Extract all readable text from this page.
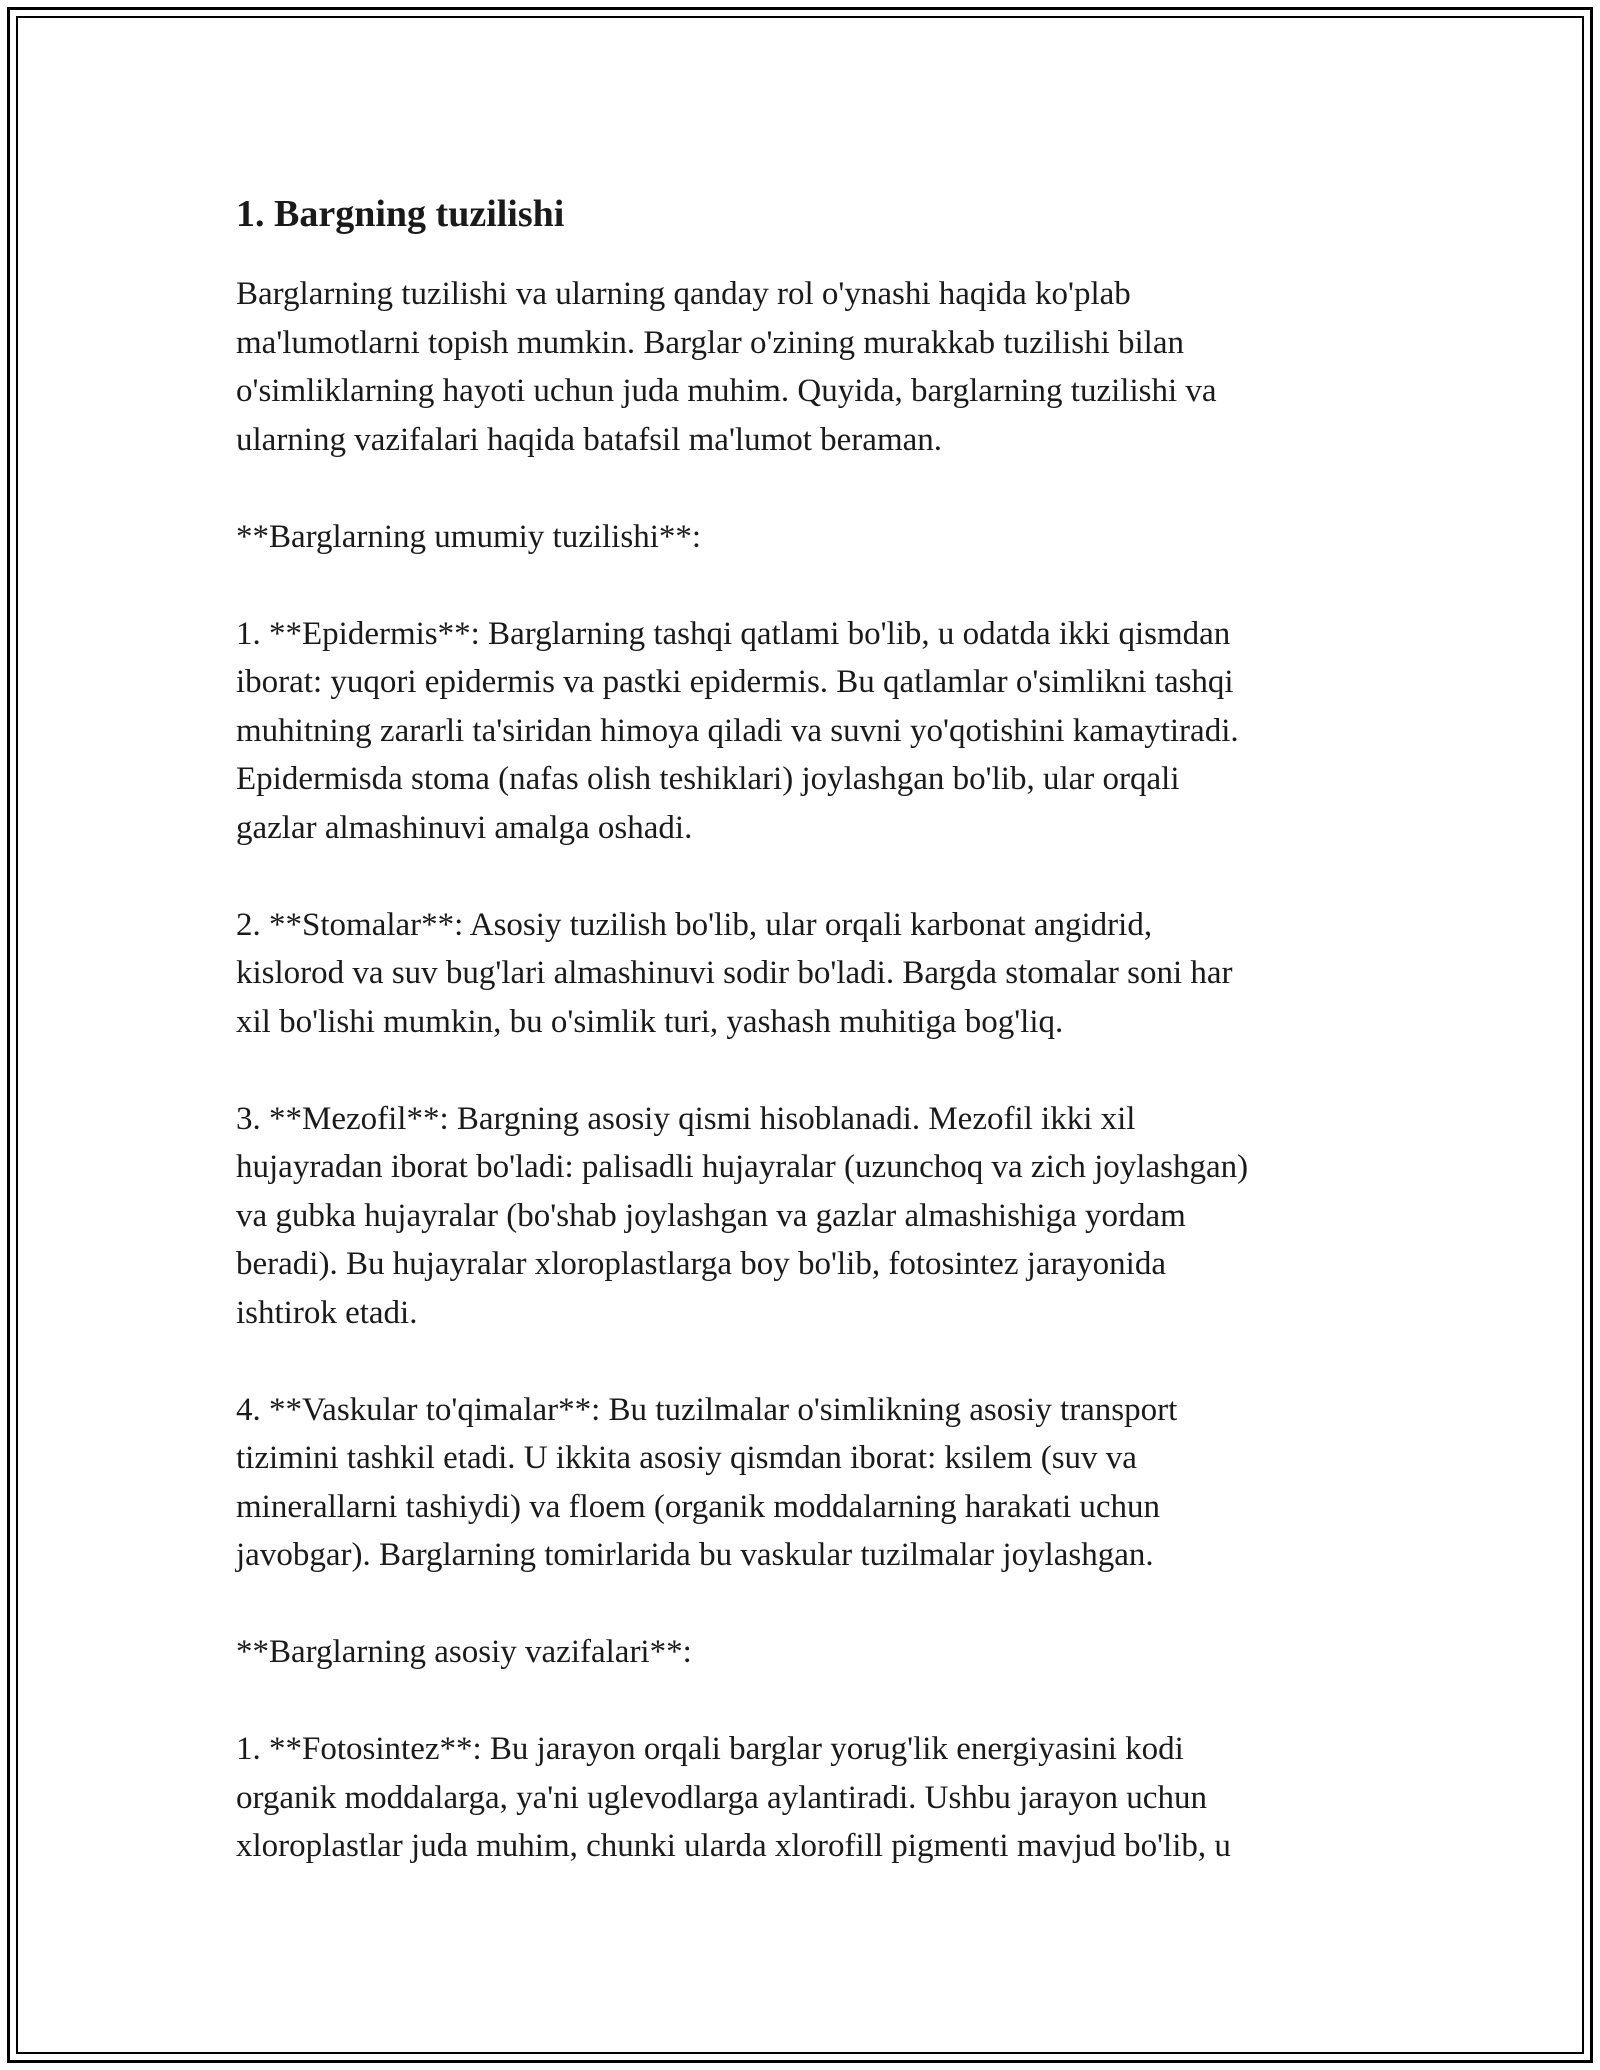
1. Bargning tuzilishi

Barglarning tuzilishi va ularning qanday rol o'ynashi haqida ko'plab
ma'lumotlarni topish mumkin. Barglar o'zining murakkab tuzilishi bilan
o'simliklarning hayoti uchun juda muhim. Quyida, barglarning tuzilishi va
ularning vazifalari haqida batafsil ma'lumot beraman.

**Barglarning umumiy tuzilishi**:

1. **Epidermis**: Barglarning tashqi qatlami bo'lib, u odatda ikki qismdan
iborat: yuqori epidermis va pastki epidermis. Bu qatlamlar o'simlikni tashqi
muhitning zararli ta'siridan himoya qiladi va suvni yo'qotishini kamaytiradi.
Epidermisda stoma (nafas olish teshiklari) joylashgan bo'lib, ular orqali
gazlar almashinuvi amalga oshadi.

2. **Stomalar**: Asosiy tuzilish bo'lib, ular orqali karbonat angidrid,
kislorod va suv bug'lari almashinuvi sodir bo'ladi. Bargda stomalar soni har
xil bo'lishi mumkin, bu o'simlik turi, yashash muhitiga bog'liq.

3. **Mezofil**: Bargning asosiy qismi hisoblanadi. Mezofil ikki xil
hujayradan iborat bo'ladi: palisadli hujayralar (uzunchoq va zich joylashgan)
va gubka hujayralar (bo'shab joylashgan va gazlar almashishiga yordam
beradi). Bu hujayralar xloroplastlarga boy bo'lib, fotosintez jarayonida
ishtirok etadi.

4. **Vaskular to'qimalar**: Bu tuzilmalar o'simlikning asosiy transport
tizimini tashkil etadi. U ikkita asosiy qismdan iborat: ksilem (suv va
minerallarni tashiydi) va floem (organik moddalarning harakati uchun
javobgar). Barglarning tomirlarida bu vaskular tuzilmalar joylashgan.

**Barglarning asosiy vazifalari**:

1. **Fotosintez**: Bu jarayon orqali barglar yorug'lik energiyasini kodi
organik moddalarga, ya'ni uglevodlarga aylantiradi. Ushbu jarayon uchun
xloroplastlar juda muhim, chunki ularda xlorofill pigmenti mavjud bo'lib, u
